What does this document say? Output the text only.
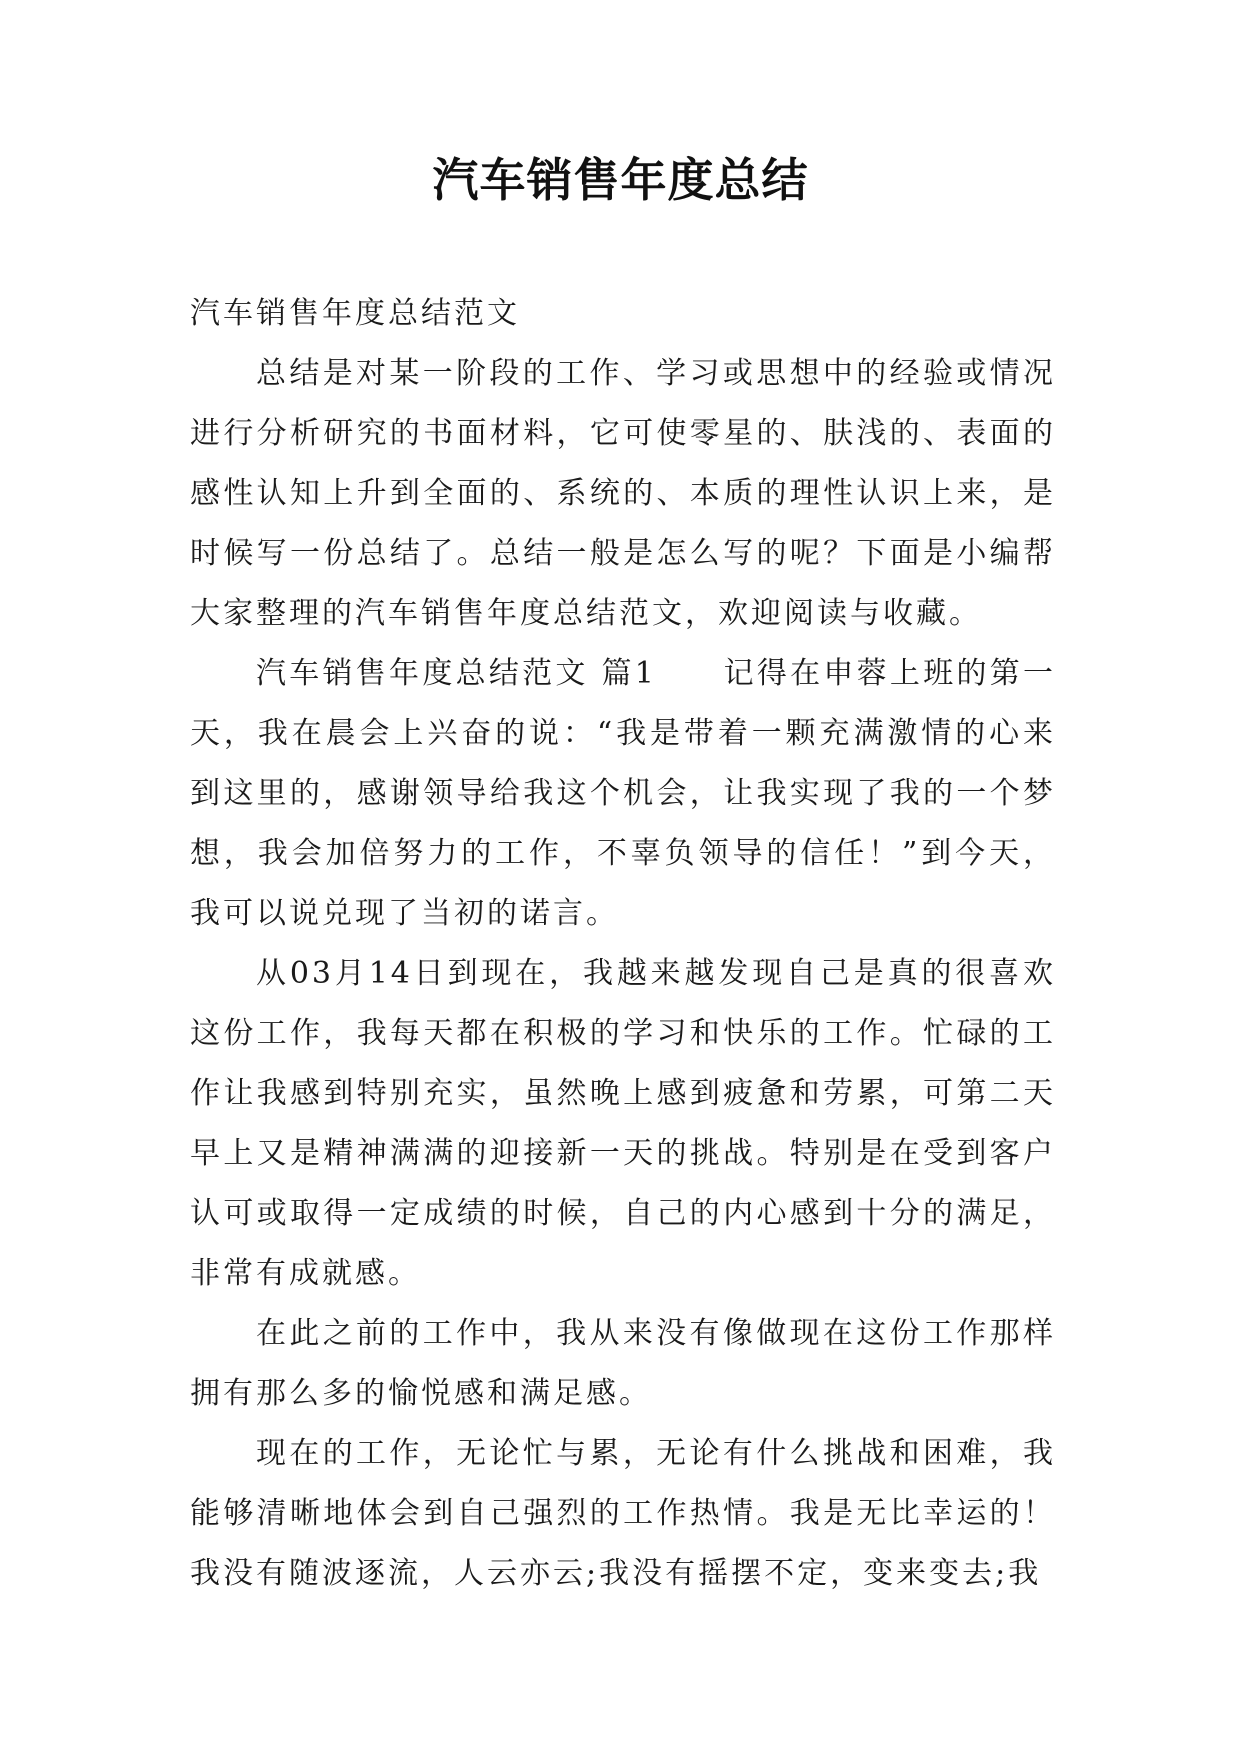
汽车销售年度总结

汽车销售年度总结范文

总结是对某一阶段的工作、学习或思想中的经验或情况进行分析研究的书面材料，它可使零星的、肤浅的、表面的感性认知上升到全面的、系统的、本质的理性认识上来，是时候写一份总结了。总结一般是怎么写的呢？下面是小编帮大家整理的汽车销售年度总结范文，欢迎阅读与收藏。

汽车销售年度总结范文 篇1　　记得在申蓉上班的第一天，我在晨会上兴奋的说：“我是带着一颗充满激情的心来到这里的，感谢领导给我这个机会，让我实现了我的一个梦想，我会加倍努力的工作，不辜负领导的信任！”到今天，我可以说兑现了当初的诺言。

从03月14日到现在，我越来越发现自己是真的很喜欢这份工作，我每天都在积极的学习和快乐的工作。忙碌的工作让我感到特别充实，虽然晚上感到疲惫和劳累，可第二天早上又是精神满满的迎接新一天的挑战。特别是在受到客户认可或取得一定成绩的时候，自己的内心感到十分的满足，非常有成就感。

在此之前的工作中，我从来没有像做现在这份工作那样拥有那么多的愉悦感和满足感。

现在的工作，无论忙与累，无论有什么挑战和困难，我能够清晰地体会到自己强烈的工作热情。我是无比幸运的！我没有随波逐流，人云亦云;我没有摇摆不定，变来变去;我
